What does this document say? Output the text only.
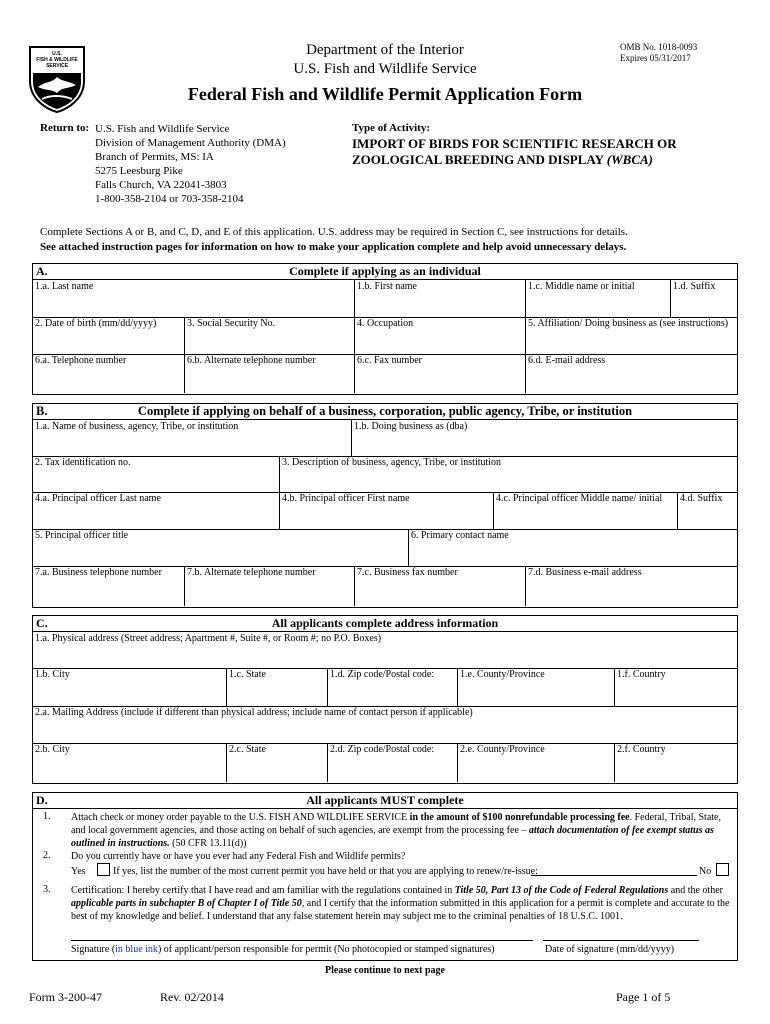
U.S.
FISH & WILDLIFE
SERVICE
Department of the Interior
U.S. Fish and Wildlife Service
OMB No. 1018-0093
Expires 05/31/2017
Federal Fish and Wildlife Permit Application Form
Return to: U.S. Fish and Wildlife Service
Division of Management Authority (DMA)
Branch of Permits, MS: IA
5275 Leesburg Pike
Falls Church, VA 22041-3803
1-800-358-2104 or 703-358-2104
Type of Activity:
IMPORT OF BIRDS FOR SCIENTIFIC RESEARCH OR
ZOOLOGICAL BREEDING AND DISPLAY (WBCA)
Complete Sections A or B, and C, D, and E of this application. U.S. address may be required in Section C, see instructions for details.
See attached instruction pages for information on how to make your application complete and help avoid unnecessary delays.
Complete if applying as an individual
A.
1.a. Last name	1.b. First name	1.c. Middle name or initial	1.d. Suffix
2. Date of birth (mm/dd/yyyy)	3. Social Security No.	4. Occupation	5. Affiliation/ Doing business as (see instructions)
6.a. Telephone number	6.b. Alternate telephone number	6.c. Fax number	6.d. E-mail address
Complete if applying on behalf of a business, corporation, public agency, Tribe, or institution
B.
1.a. Name of business, agency, Tribe, or institution	1.b. Doing business as (dba)
2. Tax identification no.	3. Description of business, agency, Tribe, or institution
4.a. Principal officer Last name	4.b. Principal officer First name	4.c. Principal officer Middle name/ initial	4.d. Suffix
5. Principal officer title	6. Primary contact name
7.a. Business telephone number	7.b. Alternate telephone number	7.c. Business fax number	7.d. Business e-mail address
All applicants complete address information
C.
1.a. Physical address (Street address; Apartment #, Suite #, or Room #; no P.O. Boxes)
1.b. City	1.c. State	1.d. Zip code/Postal code:	1.e. County/Province	1.f. Country
2.a. Mailing Address (include if different than physical address; include name of contact person if applicable)
2.b. City	2.c. State	2.d. Zip code/Postal code:	2.e. County/Province	2.f. Country
All applicants MUST complete
D.
1. Attach check or money order payable to the U.S. FISH AND WILDLIFE SERVICE in the amount of $100 nonrefundable processing fee. Federal, Tribal, State,
and local government agencies, and those acting on behalf of such agencies, are exempt from the processing fee – attach documentation of fee exempt status as
outlined in instructions. (50 CFR 13.11(d))
2. Do you currently have or have you ever had any Federal Fish and Wildlife permits?
Yes	If yes, list the number of the most current permit you have held or that you are applying to renew/re-issue:	No
3. Certification: I hereby certify that I have read and am familiar with the regulations contained in Title 50, Part 13 of the Code of Federal Regulations and the other
applicable parts in subchapter B of Chapter I of Title 50, and I certify that the information submitted in this application for a permit is complete and accurate to the
best of my knowledge and belief. I understand that any false statement herein may subject me to the criminal penalties of 18 U.S.C. 1001.
Signature (in blue ink) of applicant/person responsible for permit (No photocopied or stamped signatures)	Date of signature (mm/dd/yyyy)
Please continue to next page
Form 3-200-47	Rev. 02/2014	Page 1 of 5
